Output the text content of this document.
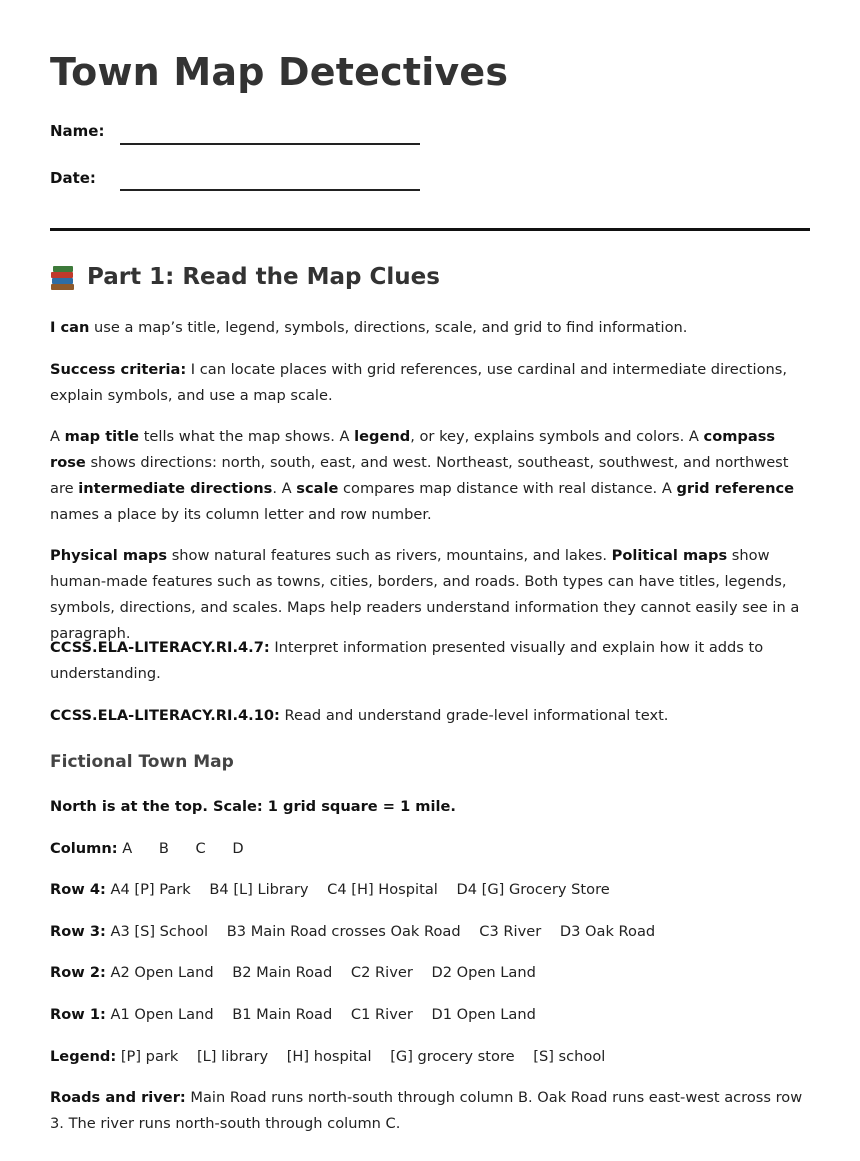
Town Map Detectives
Name:
Date:
Part 1: Read the Map Clues
I can use a map’s title, legend, symbols, directions, scale, and grid to find information.
Success criteria: I can locate places with grid references, use cardinal and intermediate directions, explain symbols, and use a map scale.
A map title tells what the map shows. A legend, or key, explains symbols and colors. A compass rose shows directions: north, south, east, and west. Northeast, southeast, southwest, and northwest are intermediate directions. A scale compares map distance with real distance. A grid reference names a place by its column letter and row number.
Physical maps show natural features such as rivers, mountains, and lakes. Political maps show human-made features such as towns, cities, borders, and roads. Both types can have titles, legends, symbols, directions, and scales. Maps help readers understand information they cannot easily see in a paragraph.
CCSS.ELA-LITERACY.RI.4.7: Interpret information presented visually and explain how it adds to understanding.
CCSS.ELA-LITERACY.RI.4.10: Read and understand grade-level informational text.
Fictional Town Map
North is at the top. Scale: 1 grid square = 1 mile.
Column: A B C D
Row 4: A4 [P] Park B4 [L] Library C4 [H] Hospital D4 [G] Grocery Store
Row 3: A3 [S] School B3 Main Road crosses Oak Road C3 River D3 Oak Road
Row 2: A2 Open Land B2 Main Road C2 River D2 Open Land
Row 1: A1 Open Land B1 Main Road C1 River D1 Open Land
Legend: [P] park [L] library [H] hospital [G] grocery store [S] school
Roads and river: Main Road runs north-south through column B. Oak Road runs east-west across row 3. The river runs north-south through column C.
